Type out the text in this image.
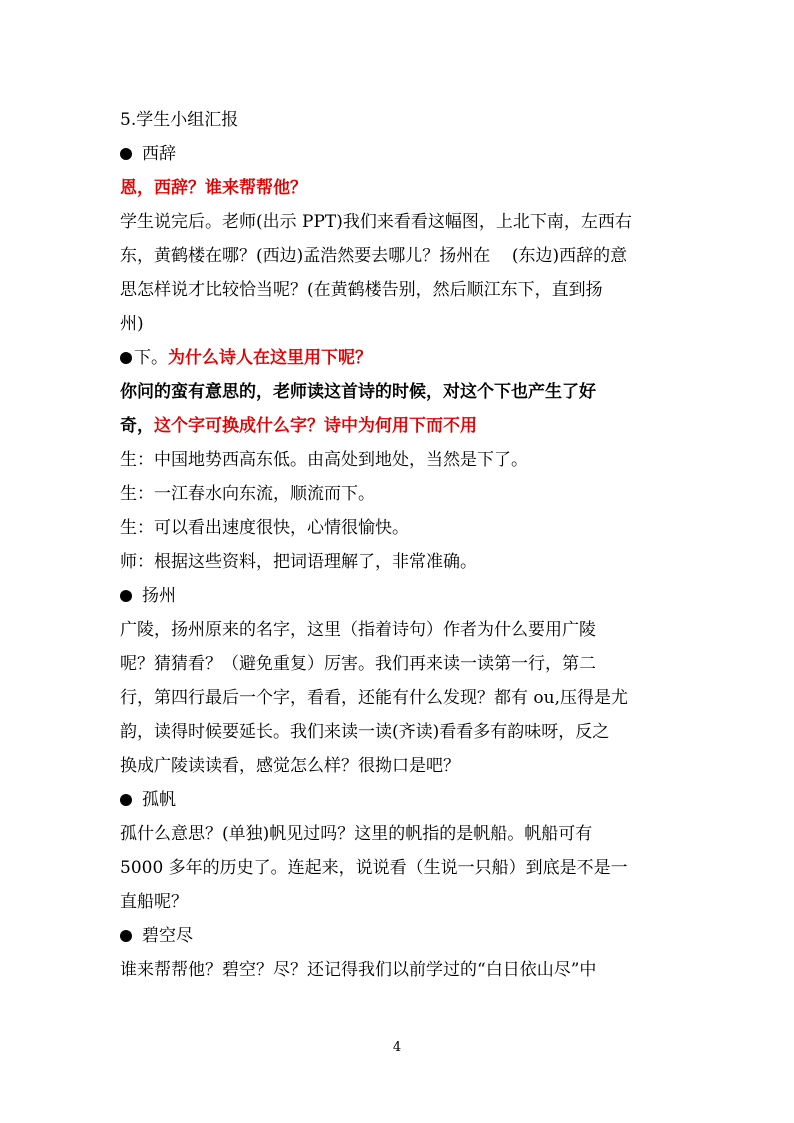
5.学生小组汇报
西辞
恩，西辞？谁来帮帮他？
学生说完后。老师(出示 PPT)我们来看看这幅图，上北下南，左西右
东，黄鹤楼在哪？(西边)孟浩然要去哪儿？扬州在    (东边)西辞的意
思怎样说才比较恰当呢？(在黄鹤楼告别，然后顺江东下，直到扬
州)
下。为什么诗人在这里用下呢？
你问的蛮有意思的，老师读这首诗的时候，对这个下也产生了好
奇，这个字可换成什么字？诗中为何用下而不用
生：中国地势西高东低。由高处到地处，当然是下了。
生：一江春水向东流，顺流而下。
生：可以看出速度很快，心情很愉快。
师：根据这些资料，把词语理解了，非常准确。
扬州
广陵，扬州原来的名字，这里（指着诗句）作者为什么要用广陵
呢？猜猜看？（避免重复）厉害。我们再来读一读第一行，第二
行，第四行最后一个字，看看，还能有什么发现？都有 ou,压得是尤
韵，读得时候要延长。我们来读一读(齐读)看看多有韵味呀，反之
换成广陵读读看，感觉怎么样？很拗口是吧？
孤帆
孤什么意思？(单独)帆见过吗？这里的帆指的是帆船。帆船可有
5000 多年的历史了。连起来，说说看（生说一只船）到底是不是一
直船呢？
碧空尽
谁来帮帮他？碧空？尽？还记得我们以前学过的“白日依山尽”中
4
